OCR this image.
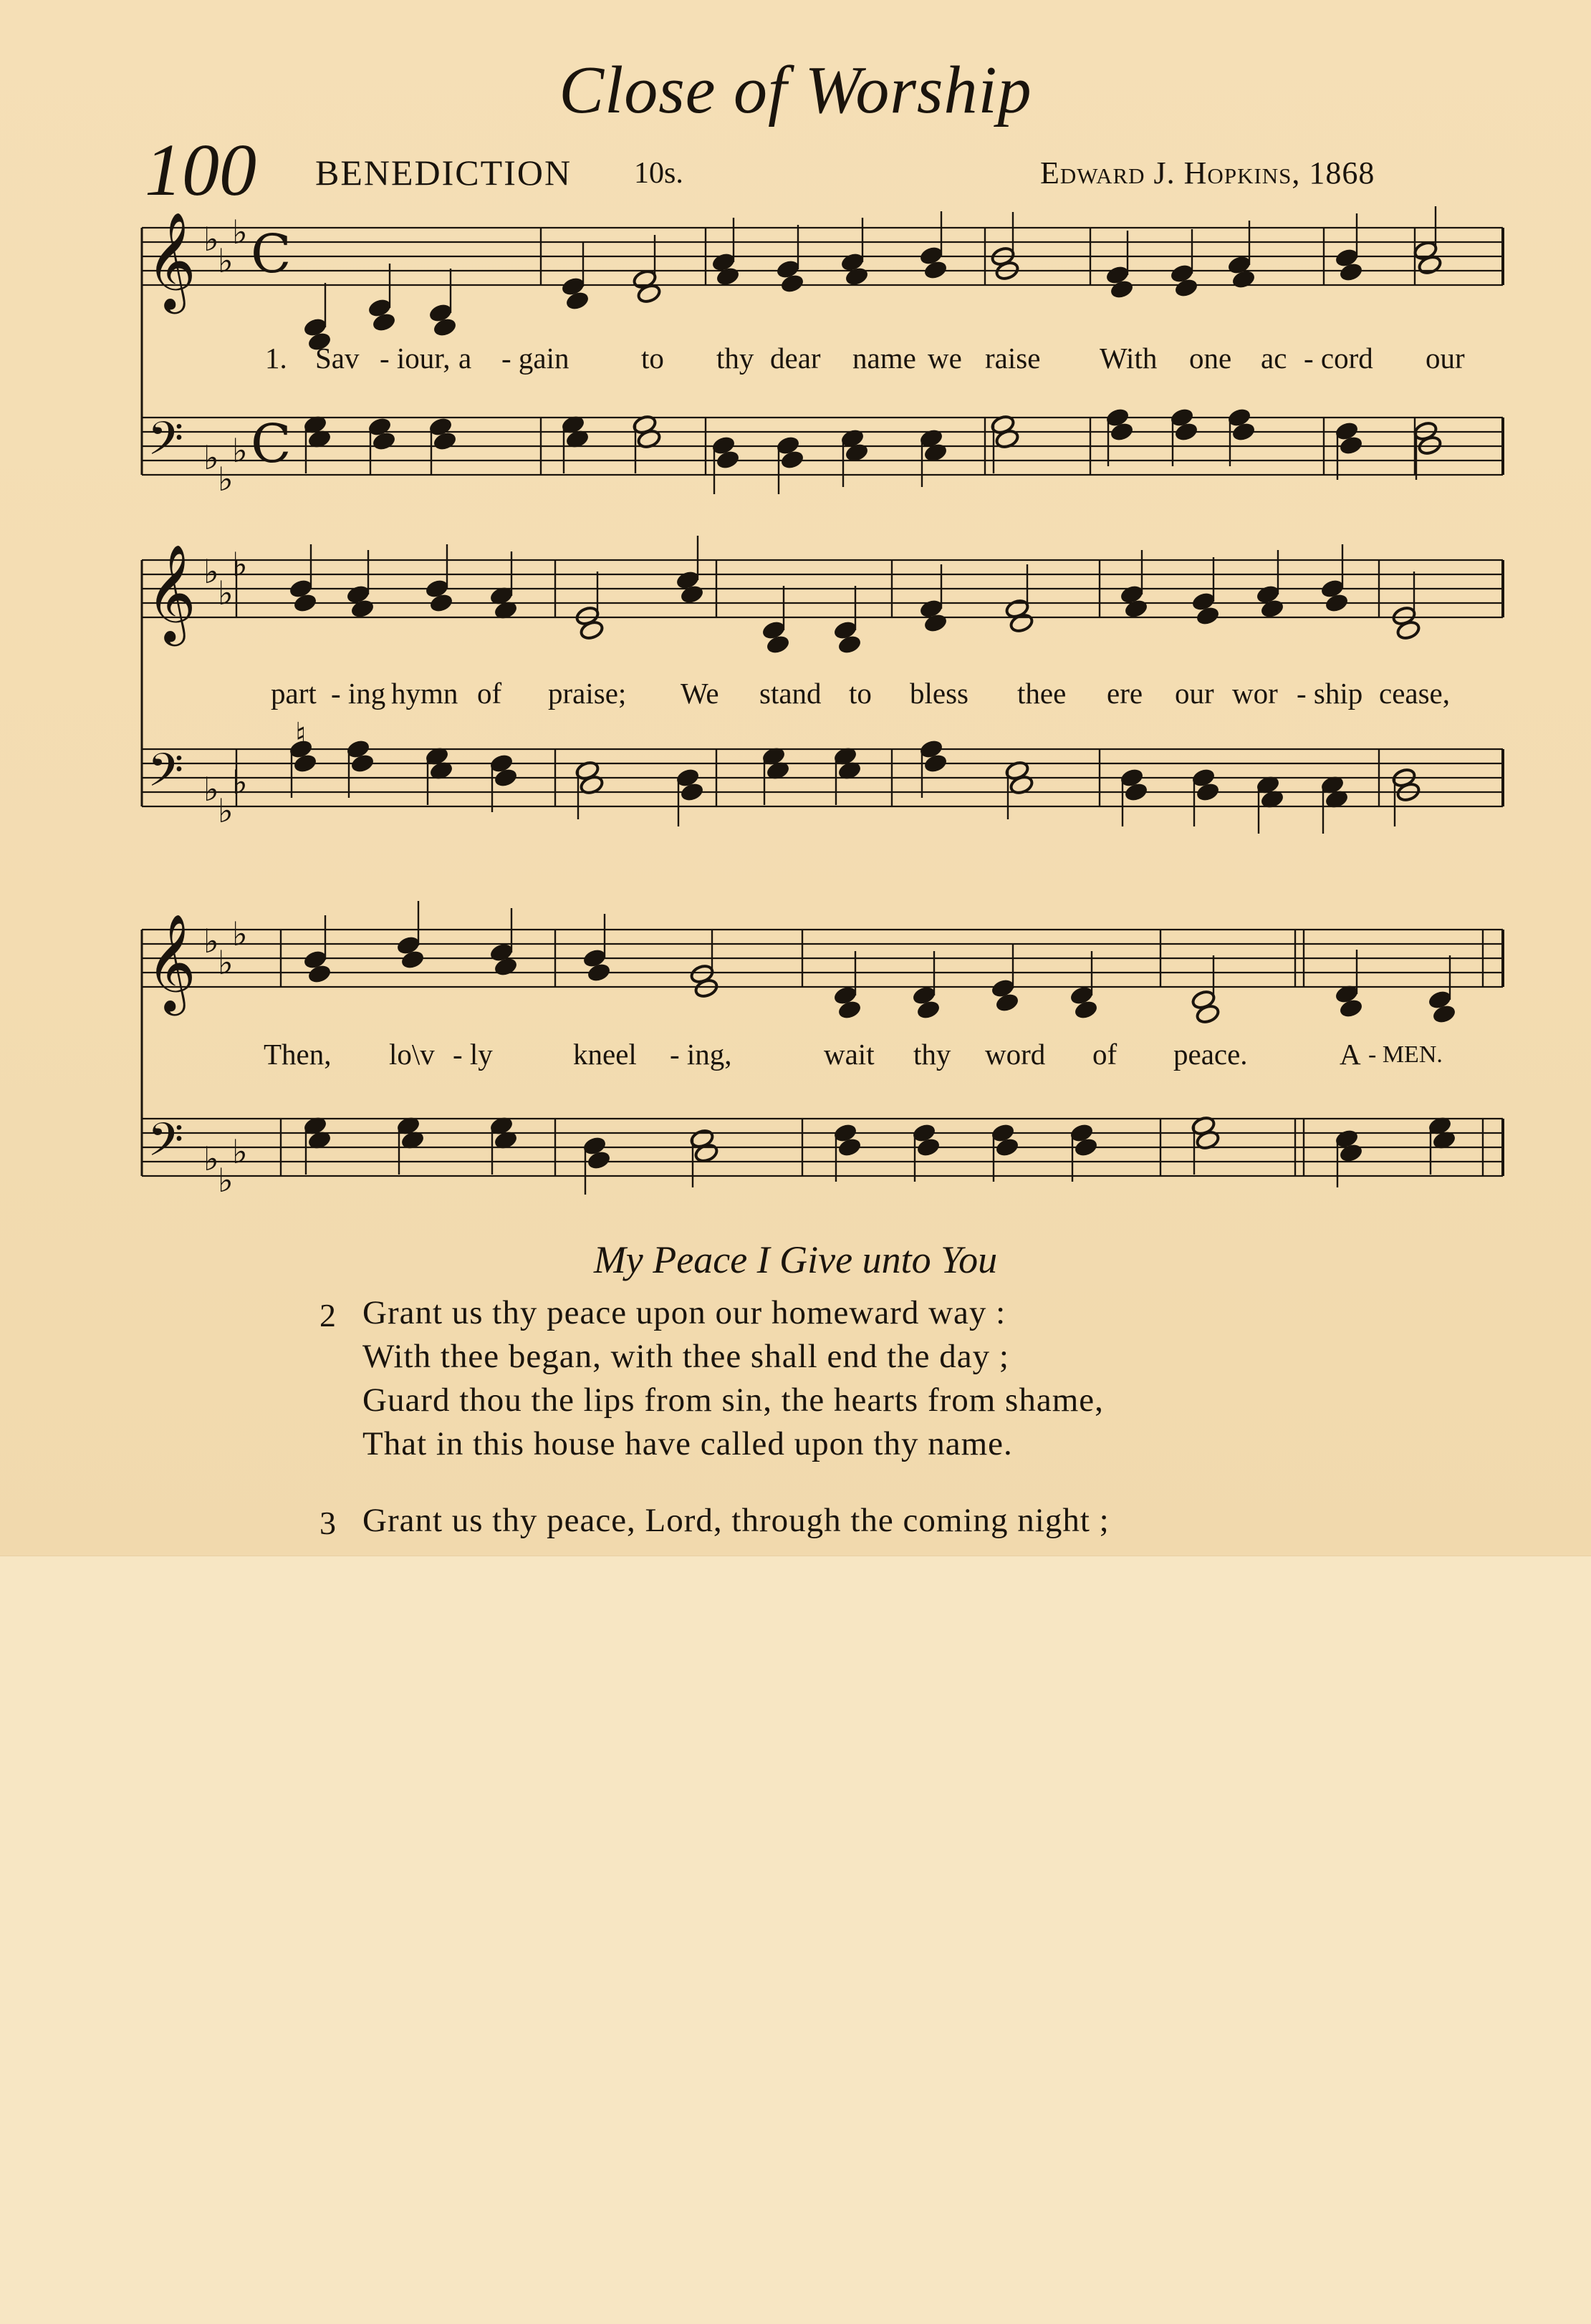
Close of Worship
100 BENEDICTION 10s.	Edward J. Hopkins, 1868
𝄞 ♭
♭
♭ C
𝄢 ♭
♭
♭ C
𝄞 ♭
♭
♭
𝄢 ♭
♭
♭
𝄞 ♭
♭
♭
𝄢 ♭
♭
♭
♮
1. Sav - iour, a - gain to thy dear name we raise With one ac - cord our
part - ing hymn of praise; We stand to bless thee ere our wor - ship cease,
Then, lo\v - ly	kneel - ing,	wait thy word of peace.	A - MEN.
My Peace I Give unto You
2 Grant us thy peace upon our homeward way :
With thee began, with thee shall end the day ;
Guard thou the lips from sin, the hearts from shame,
That in this house have called upon thy name.
3 Grant us thy peace, Lord, through the coming night ;
